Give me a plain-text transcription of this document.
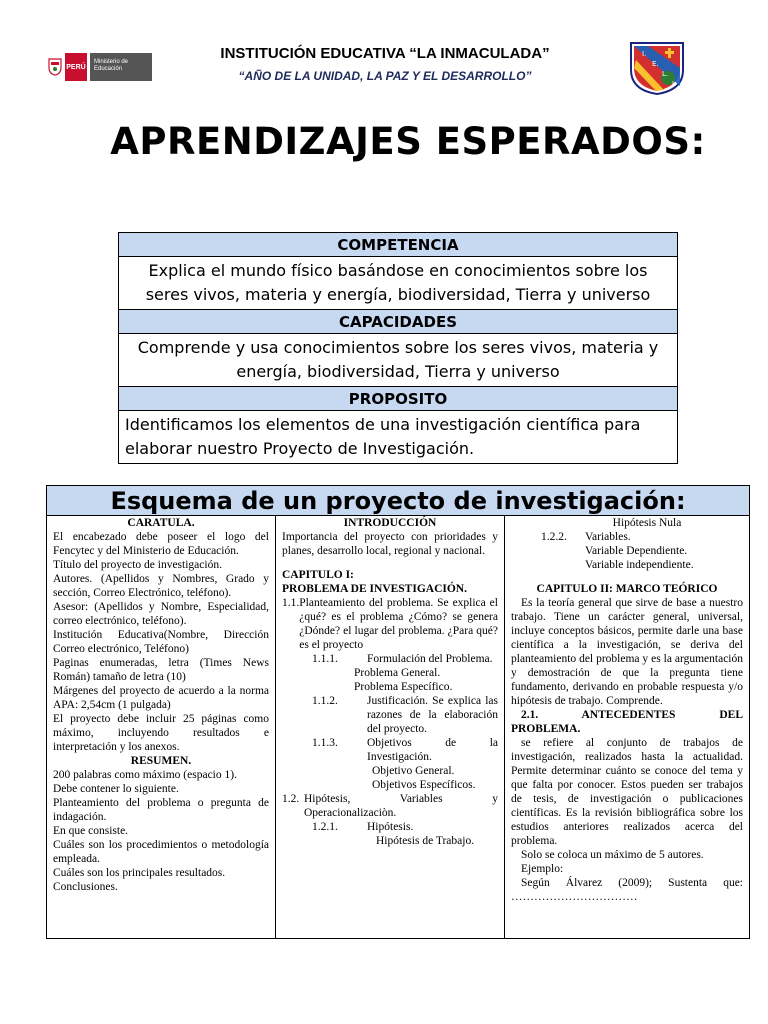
PERÚ
Ministerio de Educación
INSTITUCIÓN EDUCATIVA “LA INMACULADA”
“AÑO DE LA UNIDAD, LA PAZ Y EL DESARROLLO”
I.
E.
L.
I.
APRENDIZAJES ESPERADOS:
COMPETENCIA
Explica el mundo físico basándose en conocimientos sobre los seres vivos, materia y energía, biodiversidad, Tierra y universo
CAPACIDADES
Comprende y usa conocimientos sobre los seres vivos, materia y energía, biodiversidad, Tierra y universo
PROPOSITO
Identificamos los elementos de una investigación científica para elaborar nuestro Proyecto de Investigación.
Esquema de un proyecto de investigación:
CARATULA.
El encabezado debe poseer el logo del Fencytec y del Ministerio de Educación.
Título del proyecto de investigación.
Autores. (Apellidos y Nombres, Grado y sección, Correo Electrónico, teléfono).
Asesor: (Apellidos y Nombre, Especialidad, correo electrónico, teléfono).
Institución Educativa(Nombre, Dirección Correo electrónico, Teléfono)
Paginas enumeradas, letra (Times News Román) tamaño de letra (10)
Márgenes del proyecto de acuerdo a la norma APA: 2,54cm (1 pulgada)
El proyecto debe incluir 25 páginas como máximo, incluyendo resultados e interpretación y los anexos.
RESUMEN.
200 palabras como máximo (espacio 1).
Debe contener lo siguiente.
Planteamiento del problema o pregunta de indagación.
En que consiste.
Cuáles son los procedimientos o metodología empleada.
Cuáles son los principales resultados.
Conclusiones.
INTRODUCCIÓN
Importancia del proyecto con prioridades y planes, desarrollo local, regional y nacional.
CAPITULO I:
PROBLEMA DE INVESTIGACIÓN.
1.1. Planteamiento del problema. Se explica el ¿qué? es el problema ¿Cómo? se genera ¿Dónde? el lugar del problema. ¿Para qué? es el proyecto
1.1.1.	Formulación del Problema.
Problema General.
Problema Específico.
1.1.2.	Justificación. Se explica las razones de la elaboración del proyecto.
1.1.3.	Objetivos de la Investigación.
Objetivo General.
Objetivos Específicos.
1.2. Hipótesis, Variables y Operacionalizaciòn.
1.2.1.	Hipótesis.
Hipótesis de Trabajo.
Hipótesis Nula
1.2.2.	Variables.
Variable Dependiente.
Variable independiente.
CAPITULO II: MARCO TEÓRICO
Es la teoría general que sirve de base a nuestro trabajo. Tiene un carácter general, universal, incluye conceptos básicos, permite darle una base científica a la investigación, se deriva del planteamiento del problema y es la argumentación y demostración de que la pregunta tiene fundamento, derivando en probable respuesta y/o hipótesis de trabajo. Comprende.
2.1. ANTECEDENTES DEL PROBLEMA.
se refiere al conjunto de trabajos de investigación, realizados hasta la actualidad. Permite determinar cuánto se conoce del tema y que falta por conocer. Estos pueden ser trabajos de tesis, de investigación o publicaciones científicas. Es la revisión bibliográfica sobre los estudios anteriores realizados acerca del problema.
Solo se coloca un máximo de 5 autores.
Ejemplo:
Según Álvarez (2009); Sustenta que: ……………………………
